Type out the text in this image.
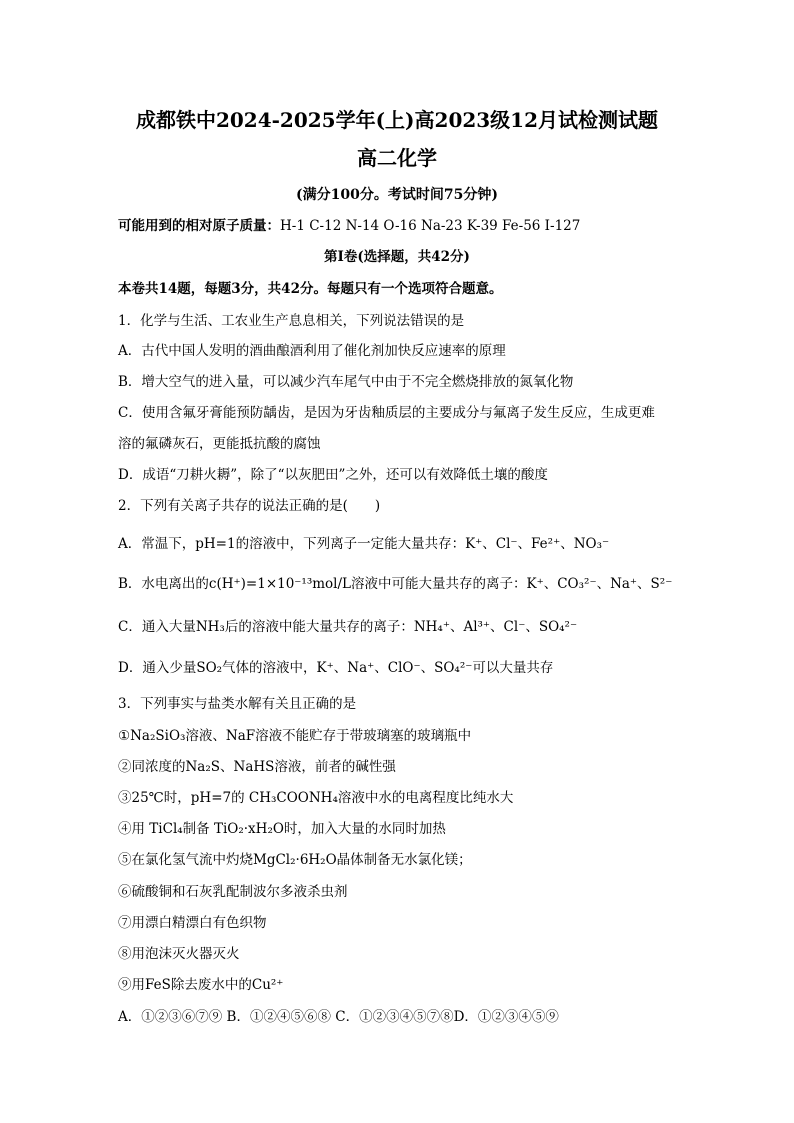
成都铁中2024-2025学年(上)高2023级12月试检测试题
高二化学
(满分100分。考试时间75分钟)
可能用到的相对原子质量：H-1 C-12 N-14 O-16 Na-23 K-39 Fe-56 I-127
第I卷(选择题，共42分)
本卷共14题，每题3分，共42分。每题只有一个选项符合题意。
1．化学与生活、工农业生产息息相关，下列说法错误的是
A．古代中国人发明的酒曲酿酒利用了催化剂加快反应速率的原理
B．增大空气的进入量，可以减少汽车尾气中由于不完全燃烧排放的氮氧化物
C．使用含氟牙膏能预防龋齿，是因为牙齿釉质层的主要成分与氟离子发生反应，生成更难
溶的氟磷灰石，更能抵抗酸的腐蚀
D．成语“刀耕火耨”，除了“以灰肥田”之外，还可以有效降低土壤的酸度
2．下列有关离子共存的说法正确的是(　　)
A．常温下，pH=1的溶液中，下列离子一定能大量共存：K⁺、Cl⁻、Fe²⁺、NO₃⁻
B．水电离出的c(H⁺)=1×10⁻¹³mol/L溶液中可能大量共存的离子：K⁺、CO₃²⁻、Na⁺、S²⁻
C．通入大量NH₃后的溶液中能大量共存的离子：NH₄⁺、Al³⁺、Cl⁻、SO₄²⁻
D．通入少量SO₂气体的溶液中，K⁺、Na⁺、ClO⁻、SO₄²⁻可以大量共存
3．下列事实与盐类水解有关且正确的是
①Na₂SiO₃溶液、NaF溶液不能贮存于带玻璃塞的玻璃瓶中
②同浓度的Na₂S、NaHS溶液，前者的碱性强
③25℃时，pH=7的 CH₃COONH₄溶液中水的电离程度比纯水大
④用 TiCl₄制备 TiO₂·xH₂O时，加入大量的水同时加热
⑤在氯化氢气流中灼烧MgCl₂·6H₂O晶体制备无水氯化镁；
⑥硫酸铜和石灰乳配制波尔多液杀虫剂
⑦用漂白精漂白有色织物
⑧用泡沫灭火器灭火
⑨用FeS除去废水中的Cu²⁺
A．①②③⑥⑦⑨ B．①②④⑤⑥⑧ C．①②③④⑤⑦⑧D．①②③④⑤⑨
